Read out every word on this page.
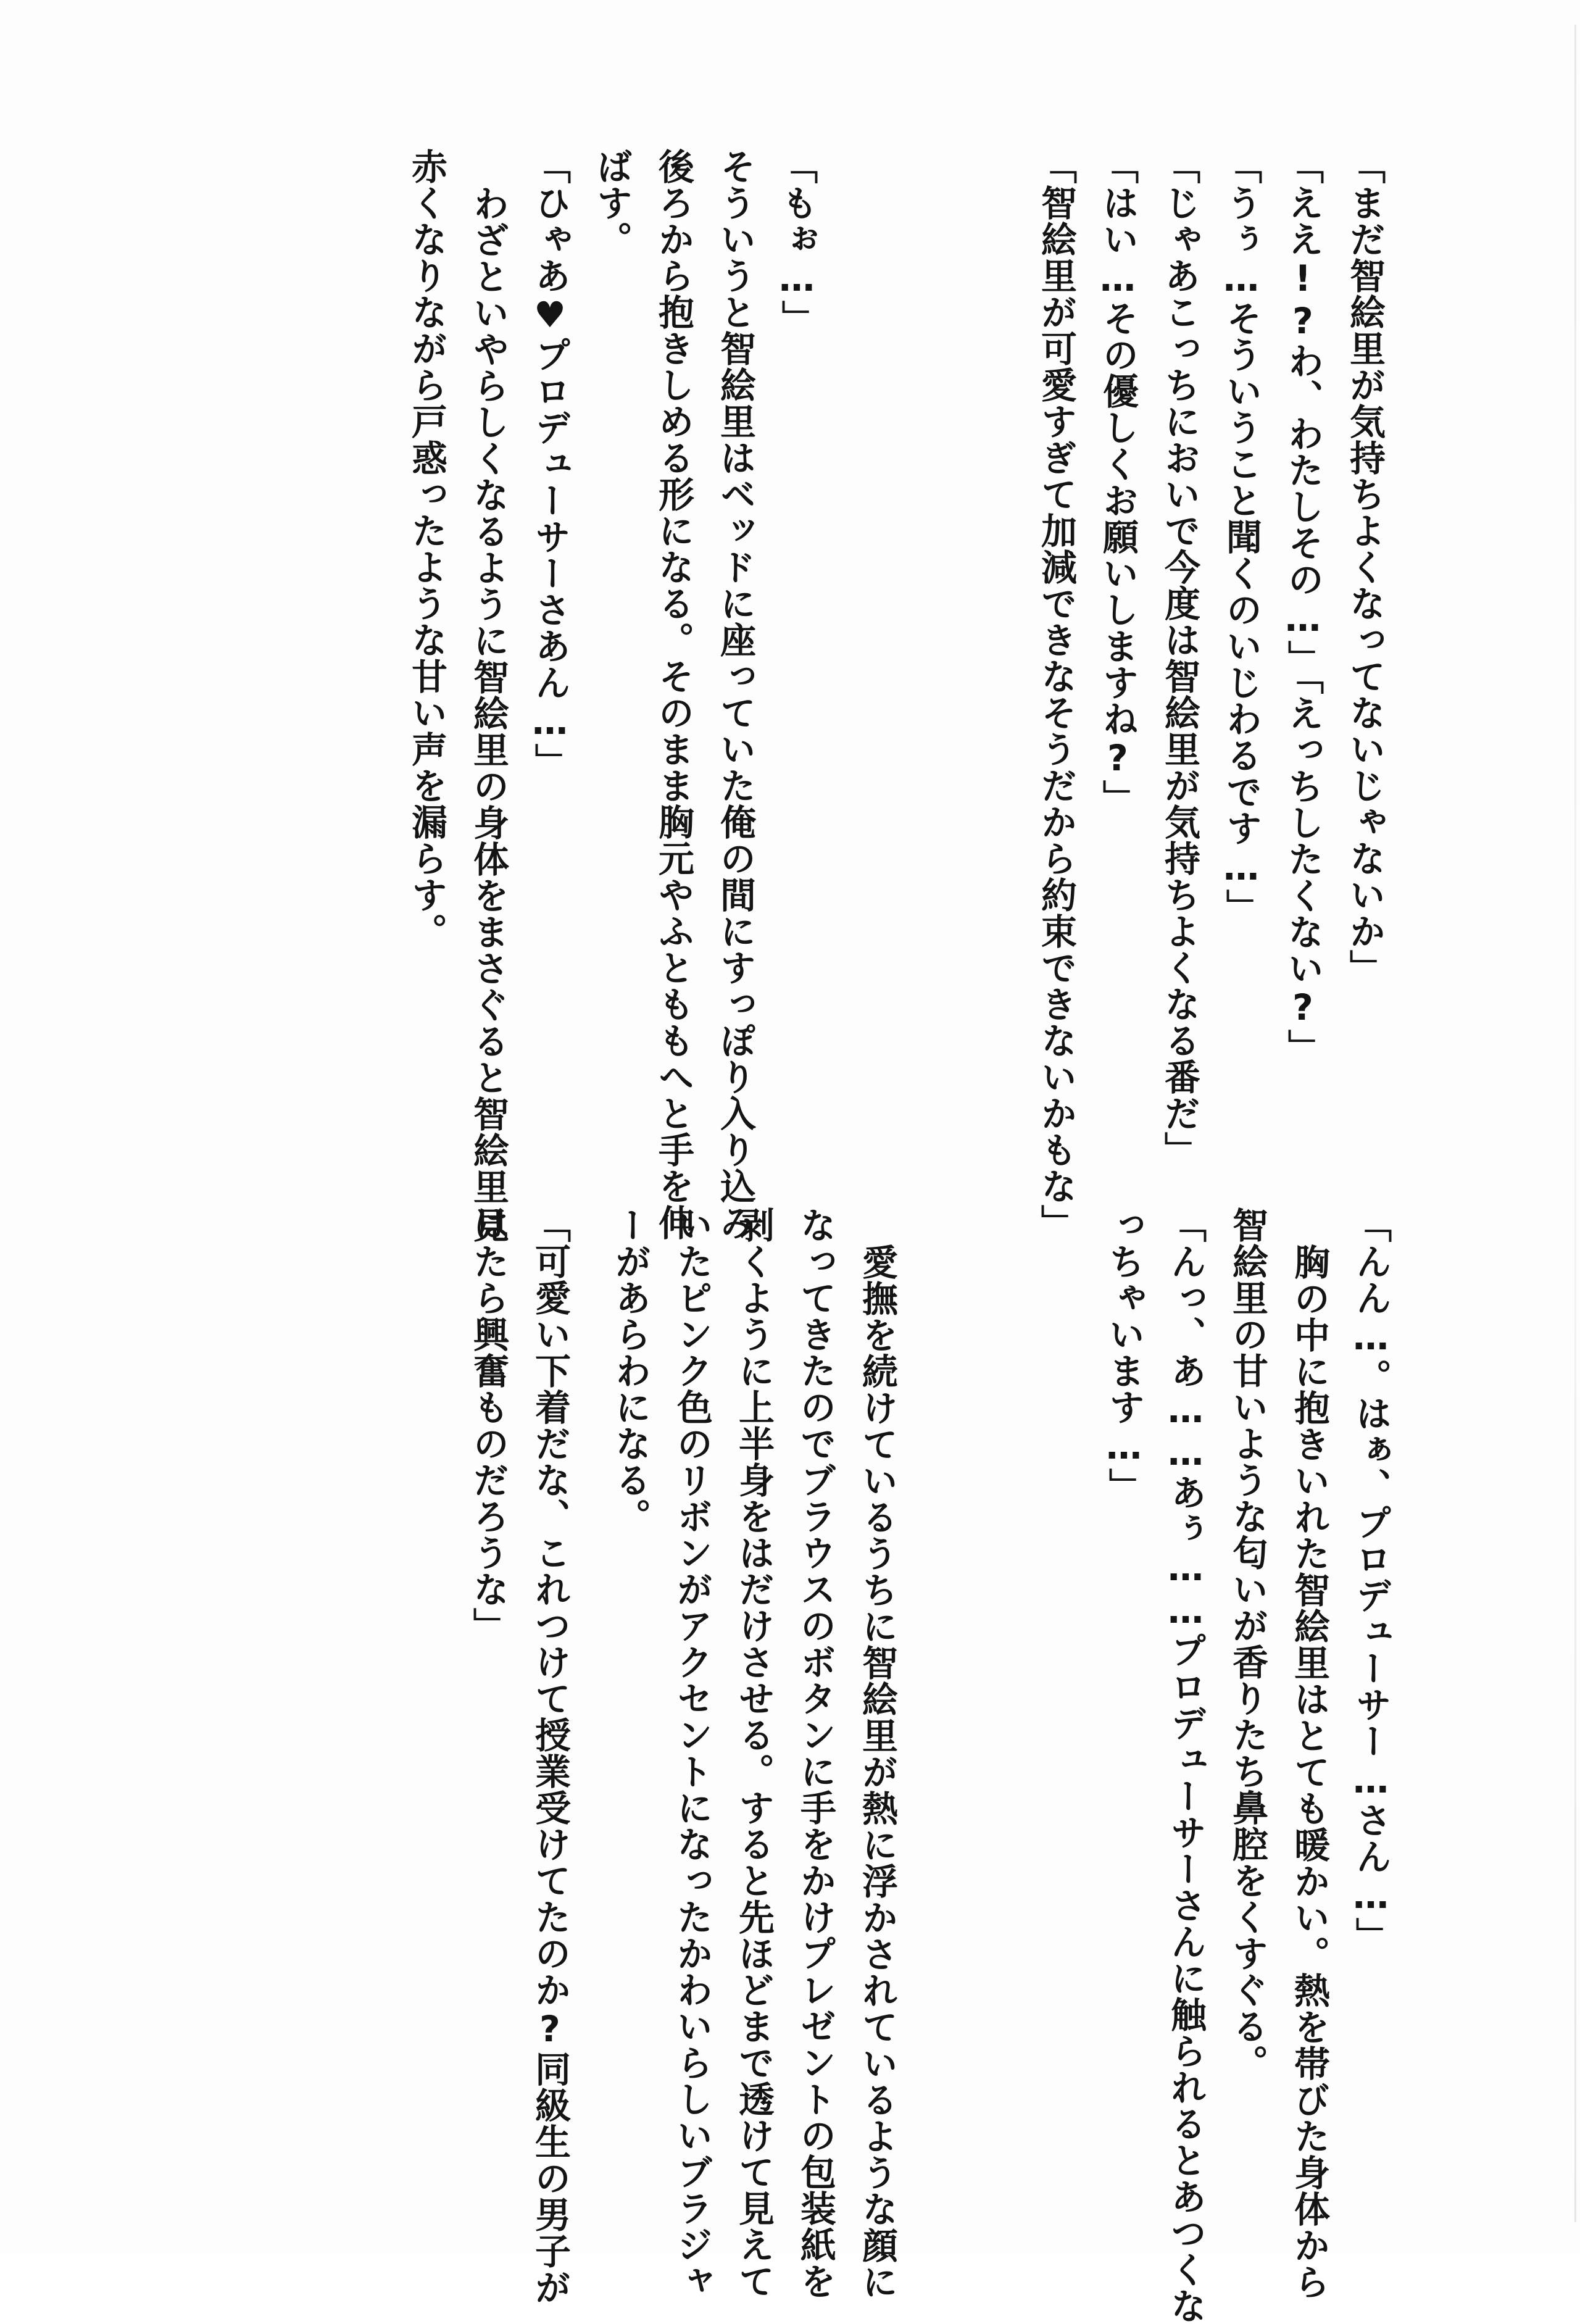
「まだ智絵里が気持ちよくなってないじゃないか」
「ええ!?わ、わたしその…」「えっちしたくない?」
「うぅ…そういうこと聞くのいじわるです…」
「じゃあこっちにおいで今度は智絵里が気持ちよくなる番だ」
「はい…その優しくお願いしますね?」
「智絵里が可愛すぎて加減できなそうだから約束できないかもな」
「もぉ…」
そういうと智絵里はベッドに座っていた俺の間にすっぽり入り込み
後ろから抱きしめる形になる。そのまま胸元やふとももへと手を伸
ばす。
「ひゃあ♥プロデューサーさあん…」
わざといやらしくなるように智絵里の身体をまさぐると智絵里は
赤くなりながら戸惑ったような甘い声を漏らす。
「んん…。はぁ、プロデューサー…さん…」
胸の中に抱きいれた智絵里はとても暖かい。熱を帯びた身体から
智絵里の甘いような匂いが香りたち鼻腔をくすぐる。
「んっ、あ……あぅ……プロデューサーさんに触られるとあつくな
っちゃいます…」
愛撫を続けているうちに智絵里が熱に浮かされているような顔に
なってきたのでブラウスのボタンに手をかけプレゼントの包装紙を
剥くように上半身をはだけさせる。すると先ほどまで透けて見えて
いたピンク色のリボンがアクセントになったかわいらしいブラジャ
ーがあらわになる。
「可愛い下着だな、これつけて授業受けてたのか?同級生の男子が
見たら興奮ものだろうな」
